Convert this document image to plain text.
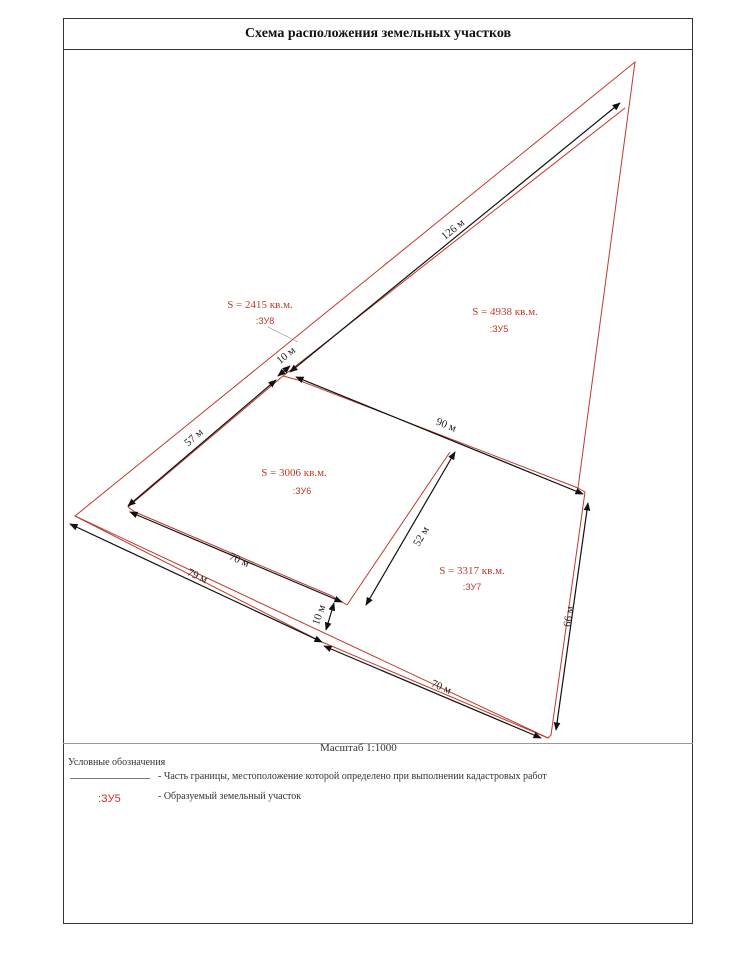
Схема расположения земельных участков
126 м
10 м
57 м
90 м
52 м
70 м
79 м
10 м	66 м
70 м
S = 2415 кв.м.
:ЗУ8
S = 4938 кв.м.
:ЗУ5
S = 3006 кв.м.
:ЗУ6
S = 3317 кв.м.
:ЗУ7
Масштаб 1:1000
Условные обозначения
- Часть границы, местоположение которой определено при выполнении кадастровых работ
:ЗУ5	- Образуемый земельный участок
